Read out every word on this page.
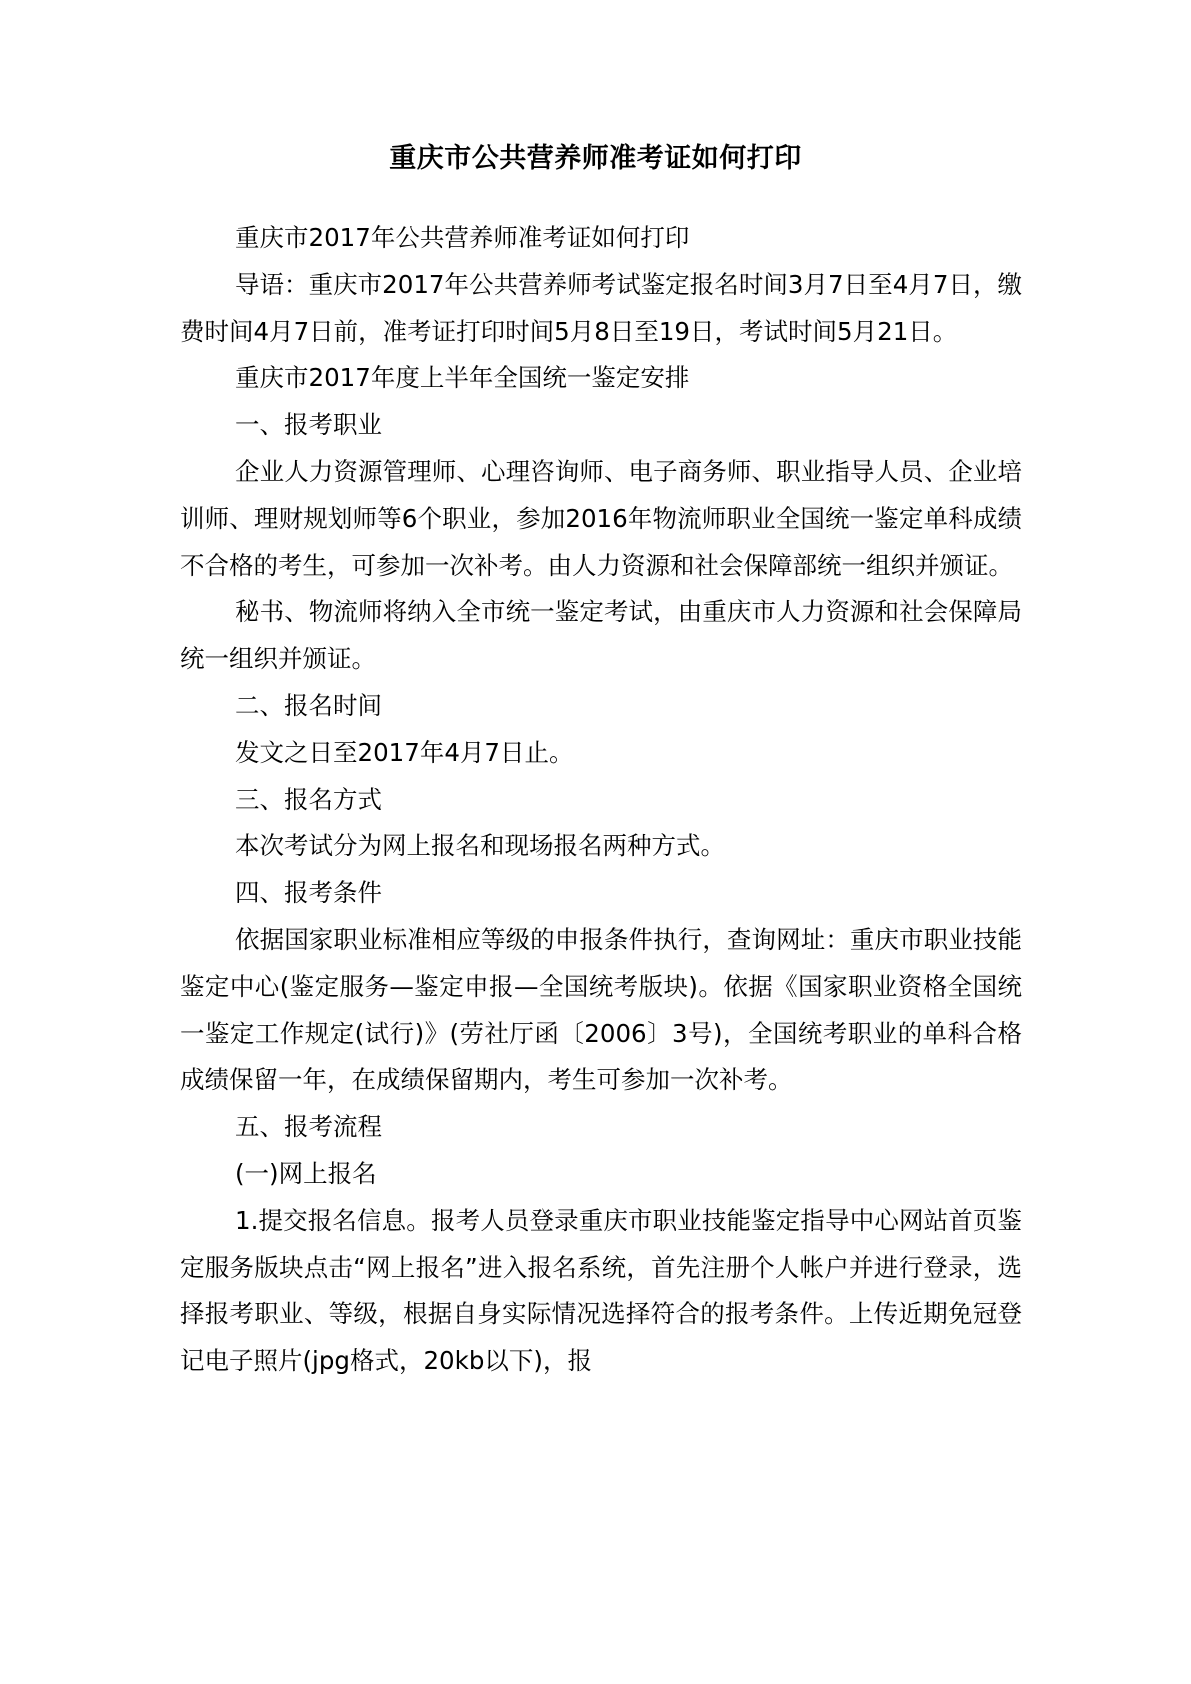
重庆市公共营养师准考证如何打印

重庆市2017年公共营养师准考证如何打印

导语：重庆市2017年公共营养师考试鉴定报名时间3月7日至4月7日，缴费时间4月7日前，准考证打印时间5月8日至19日，考试时间5月21日。

重庆市2017年度上半年全国统一鉴定安排

一、报考职业

企业人力资源管理师、心理咨询师、电子商务师、职业指导人员、企业培训师、理财规划师等6个职业，参加2016年物流师职业全国统一鉴定单科成绩不合格的考生，可参加一次补考。由人力资源和社会保障部统一组织并颁证。

秘书、物流师将纳入全市统一鉴定考试，由重庆市人力资源和社会保障局统一组织并颁证。

二、报名时间

发文之日至2017年4月7日止。

三、报名方式

本次考试分为网上报名和现场报名两种方式。

四、报考条件

依据国家职业标准相应等级的申报条件执行，查询网址：重庆市职业技能鉴定中心(鉴定服务—鉴定申报—全国统考版块)。依据《国家职业资格全国统一鉴定工作规定(试行)》(劳社厅函〔2006〕3号)，全国统考职业的单科合格成绩保留一年，在成绩保留期内，考生可参加一次补考。

五、报考流程

(一)网上报名

1.提交报名信息。报考人员登录重庆市职业技能鉴定指导中心网站首页鉴定服务版块点击“网上报名”进入报名系统，首先注册个人帐户并进行登录，选择报考职业、等级，根据自身实际情况选择符合的报考条件。上传近期免冠登记电子照片(jpg格式，20kb以下)，报
